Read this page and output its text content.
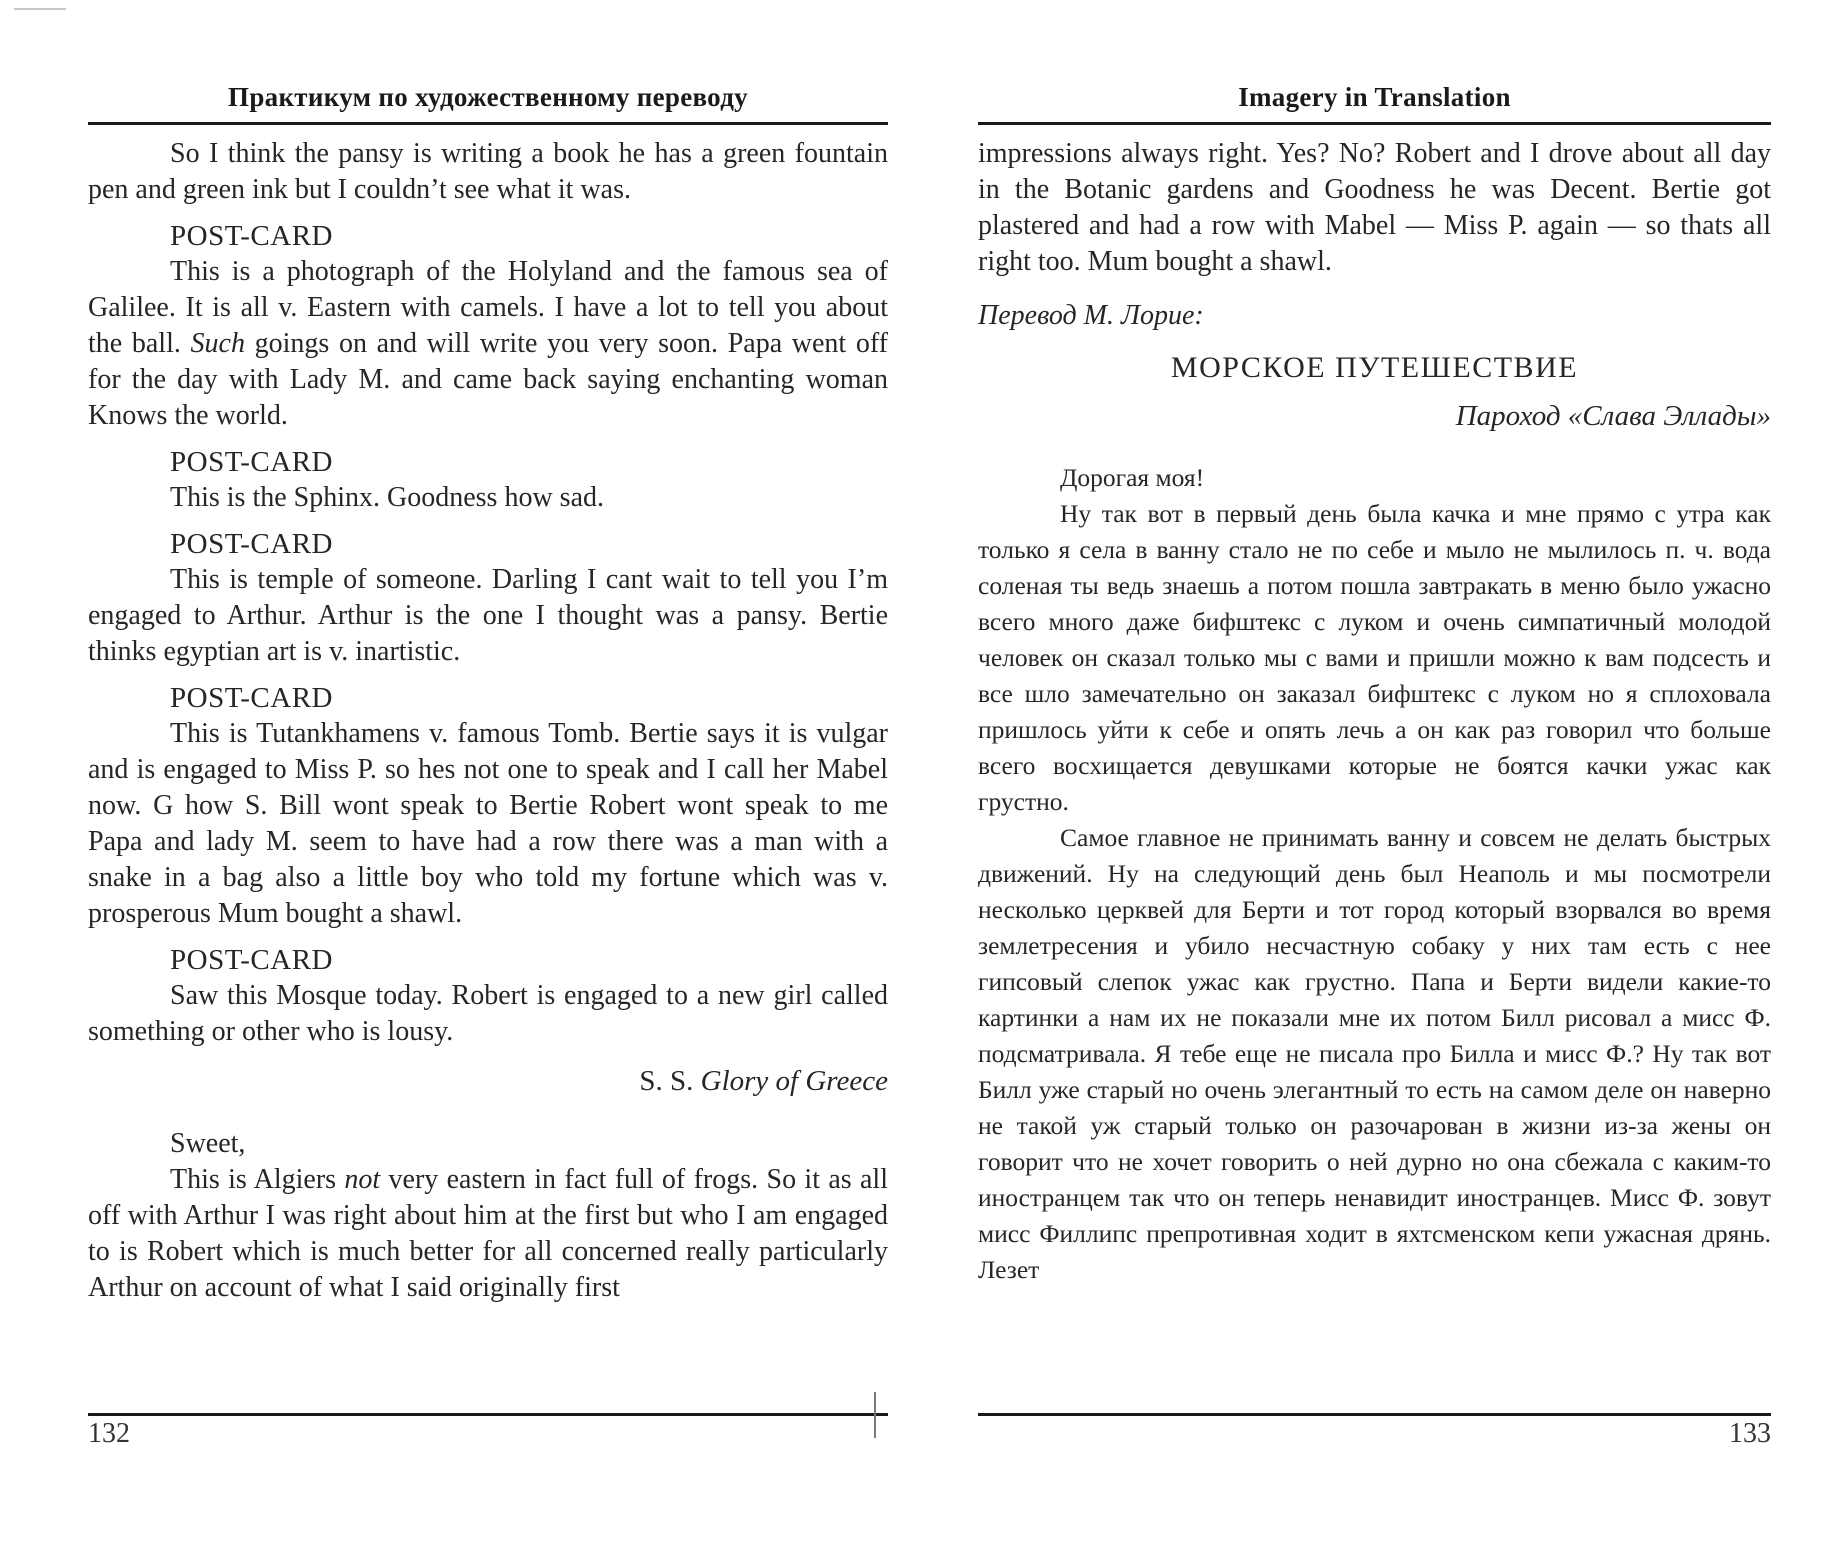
Практикум по художественному переводу

So I think the pansy is writing a book he has a green fountain pen and green ink but I couldn’t see what it was.

POST-CARD

This is a photograph of the Holyland and the famous sea of Galilee. It is all v. Eastern with camels. I have a lot to tell you about the ball. Such goings on and will write you very soon. Papa went off for the day with Lady M. and came back saying enchanting woman Knows the world.

POST-CARD

This is the Sphinx. Goodness how sad.

POST-CARD

This is temple of someone. Darling I cant wait to tell you I’m engaged to Arthur. Arthur is the one I thought was a pansy. Bertie thinks egyptian art is v. inartistic.

POST-CARD

This is Tutankhamens v. famous Tomb. Bertie says it is vulgar and is engaged to Miss P. so hes not one to speak and I call her Mabel now. G how S. Bill wont speak to Bertie Robert wont speak to me Papa and lady M. seem to have had a row there was a man with a snake in a bag also a little boy who told my fortune which was v. prosperous Mum bought a shawl.

POST-CARD

Saw this Mosque today. Robert is engaged to a new girl called something or other who is lousy.

S. S. Glory of Greece

Sweet,

This is Algiers not very eastern in fact full of frogs. So it as all off with Arthur I was right about him at the first but who I am engaged to is Robert which is much better for all concerned really particularly Arthur on account of what I said originally first

132
Imagery in Translation

impressions always right. Yes? No? Robert and I drove about all day in the Botanic gardens and Goodness he was Decent. Bertie got plastered and had a row with Mabel — Miss P. again — so thats all right too. Mum bought a shawl.

Перевод М. Лорие:
МОРСКОЕ ПУТЕШЕСТВИЕ
Пароход «Слава Эллады»

Дорогая моя!

Ну так вот в первый день была качка и мне прямо с утра как только я села в ванну стало не по себе и мыло не мылилось п. ч. вода соленая ты ведь знаешь а потом пошла завтракать в меню было ужасно всего много даже бифштекс с луком и очень симпатичный молодой человек он сказал только мы с вами и пришли можно к вам подсесть и все шло замечательно он заказал бифштекс с луком но я сплоховала пришлось уйти к себе и опять лечь а он как раз говорил что больше всего восхищается девушками которые не боятся качки ужас как грустно.

Самое главное не принимать ванну и совсем не делать быстрых движений. Ну на следующий день был Неаполь и мы посмотрели несколько церквей для Берти и тот город который взорвался во время землетресения и убило несчастную собаку у них там есть с нее гипсовый слепок ужас как грустно. Папа и Берти видели какие-то картинки а нам их не показали мне их потом Билл рисовал а мисс Ф. подсматривала. Я тебе еще не писала про Билла и мисс Ф.? Ну так вот Билл уже старый но очень элегантный то есть на самом деле он наверно не такой уж старый только он разочарован в жизни из-за жены он говорит что не хочет говорить о ней дурно но она сбежала с каким-то иностранцем так что он теперь ненавидит иностранцев. Мисс Ф. зовут мисс Филлипс препротивная ходит в яхтсменском кепи ужасная дрянь. Лезет

133
